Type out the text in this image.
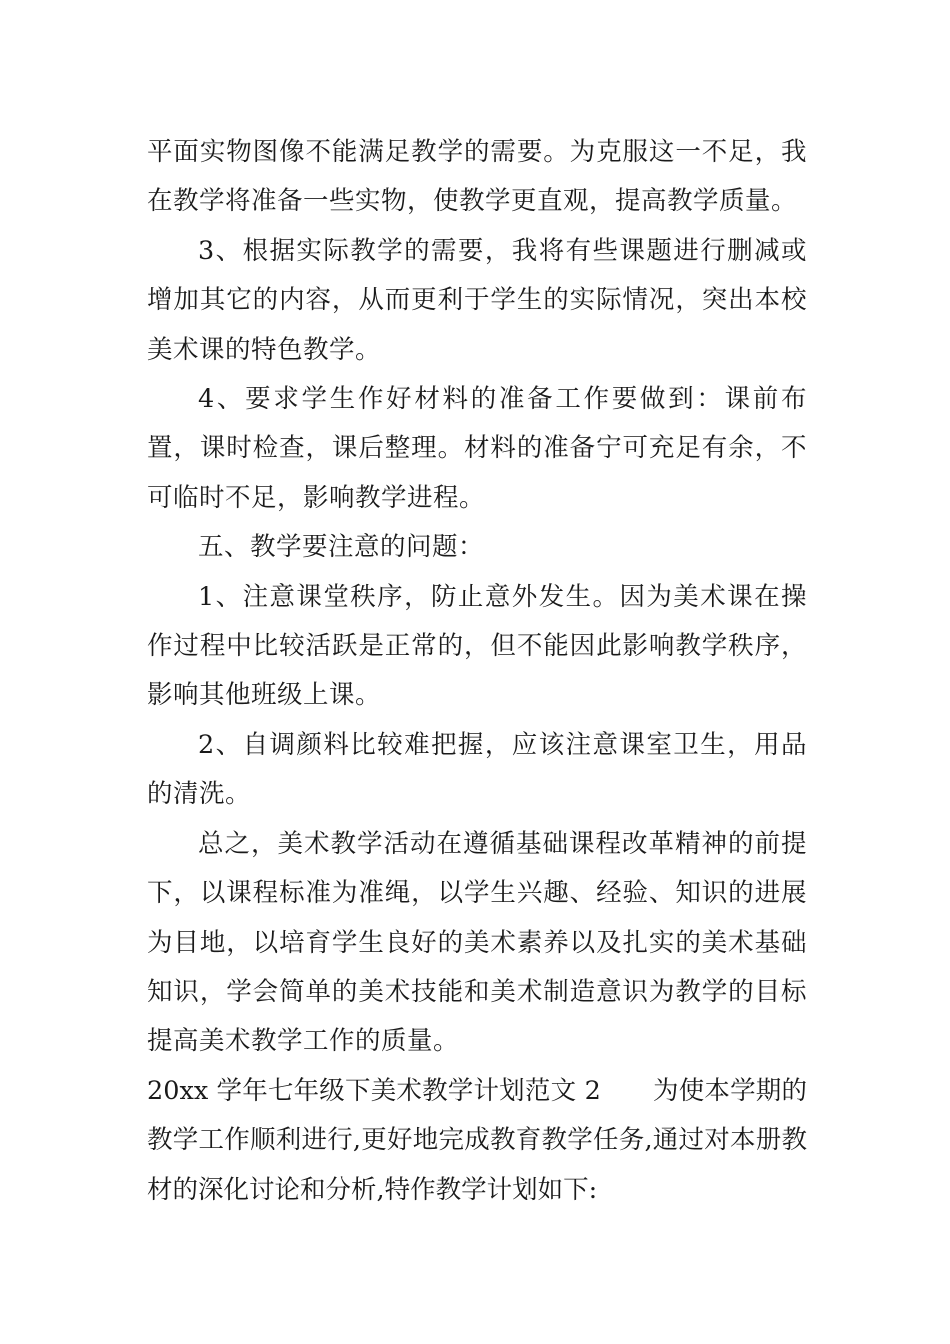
平面实物图像不能满足教学的需要。为克服这一不足，我在教学将准备一些实物，使教学更直观，提高教学质量。

3、根据实际教学的需要，我将有些课题进行删减或增加其它的内容，从而更利于学生的实际情况，突出本校美术课的特色教学。

4、要求学生作好材料的准备工作要做到：课前布置，课时检查，课后整理。材料的准备宁可充足有余，不可临时不足，影响教学进程。

五、教学要注意的问题：

1、注意课堂秩序，防止意外发生。因为美术课在操作过程中比较活跃是正常的，但不能因此影响教学秩序，影响其他班级上课。

2、自调颜料比较难把握，应该注意课室卫生，用品的清洗。

总之，美术教学活动在遵循基础课程改革精神的前提下，以课程标准为准绳，以学生兴趣、经验、知识的进展为目地，以培育学生良好的美术素养以及扎实的美术基础知识，学会简单的美术技能和美术制造意识为教学的目标提高美术教学工作的质量。

20xx 学年七年级下美术教学计划范文 2 为使本学期的教学工作顺利进行,更好地完成教育教学任务,通过对本册教材的深化讨论和分析,特作教学计划如下:
